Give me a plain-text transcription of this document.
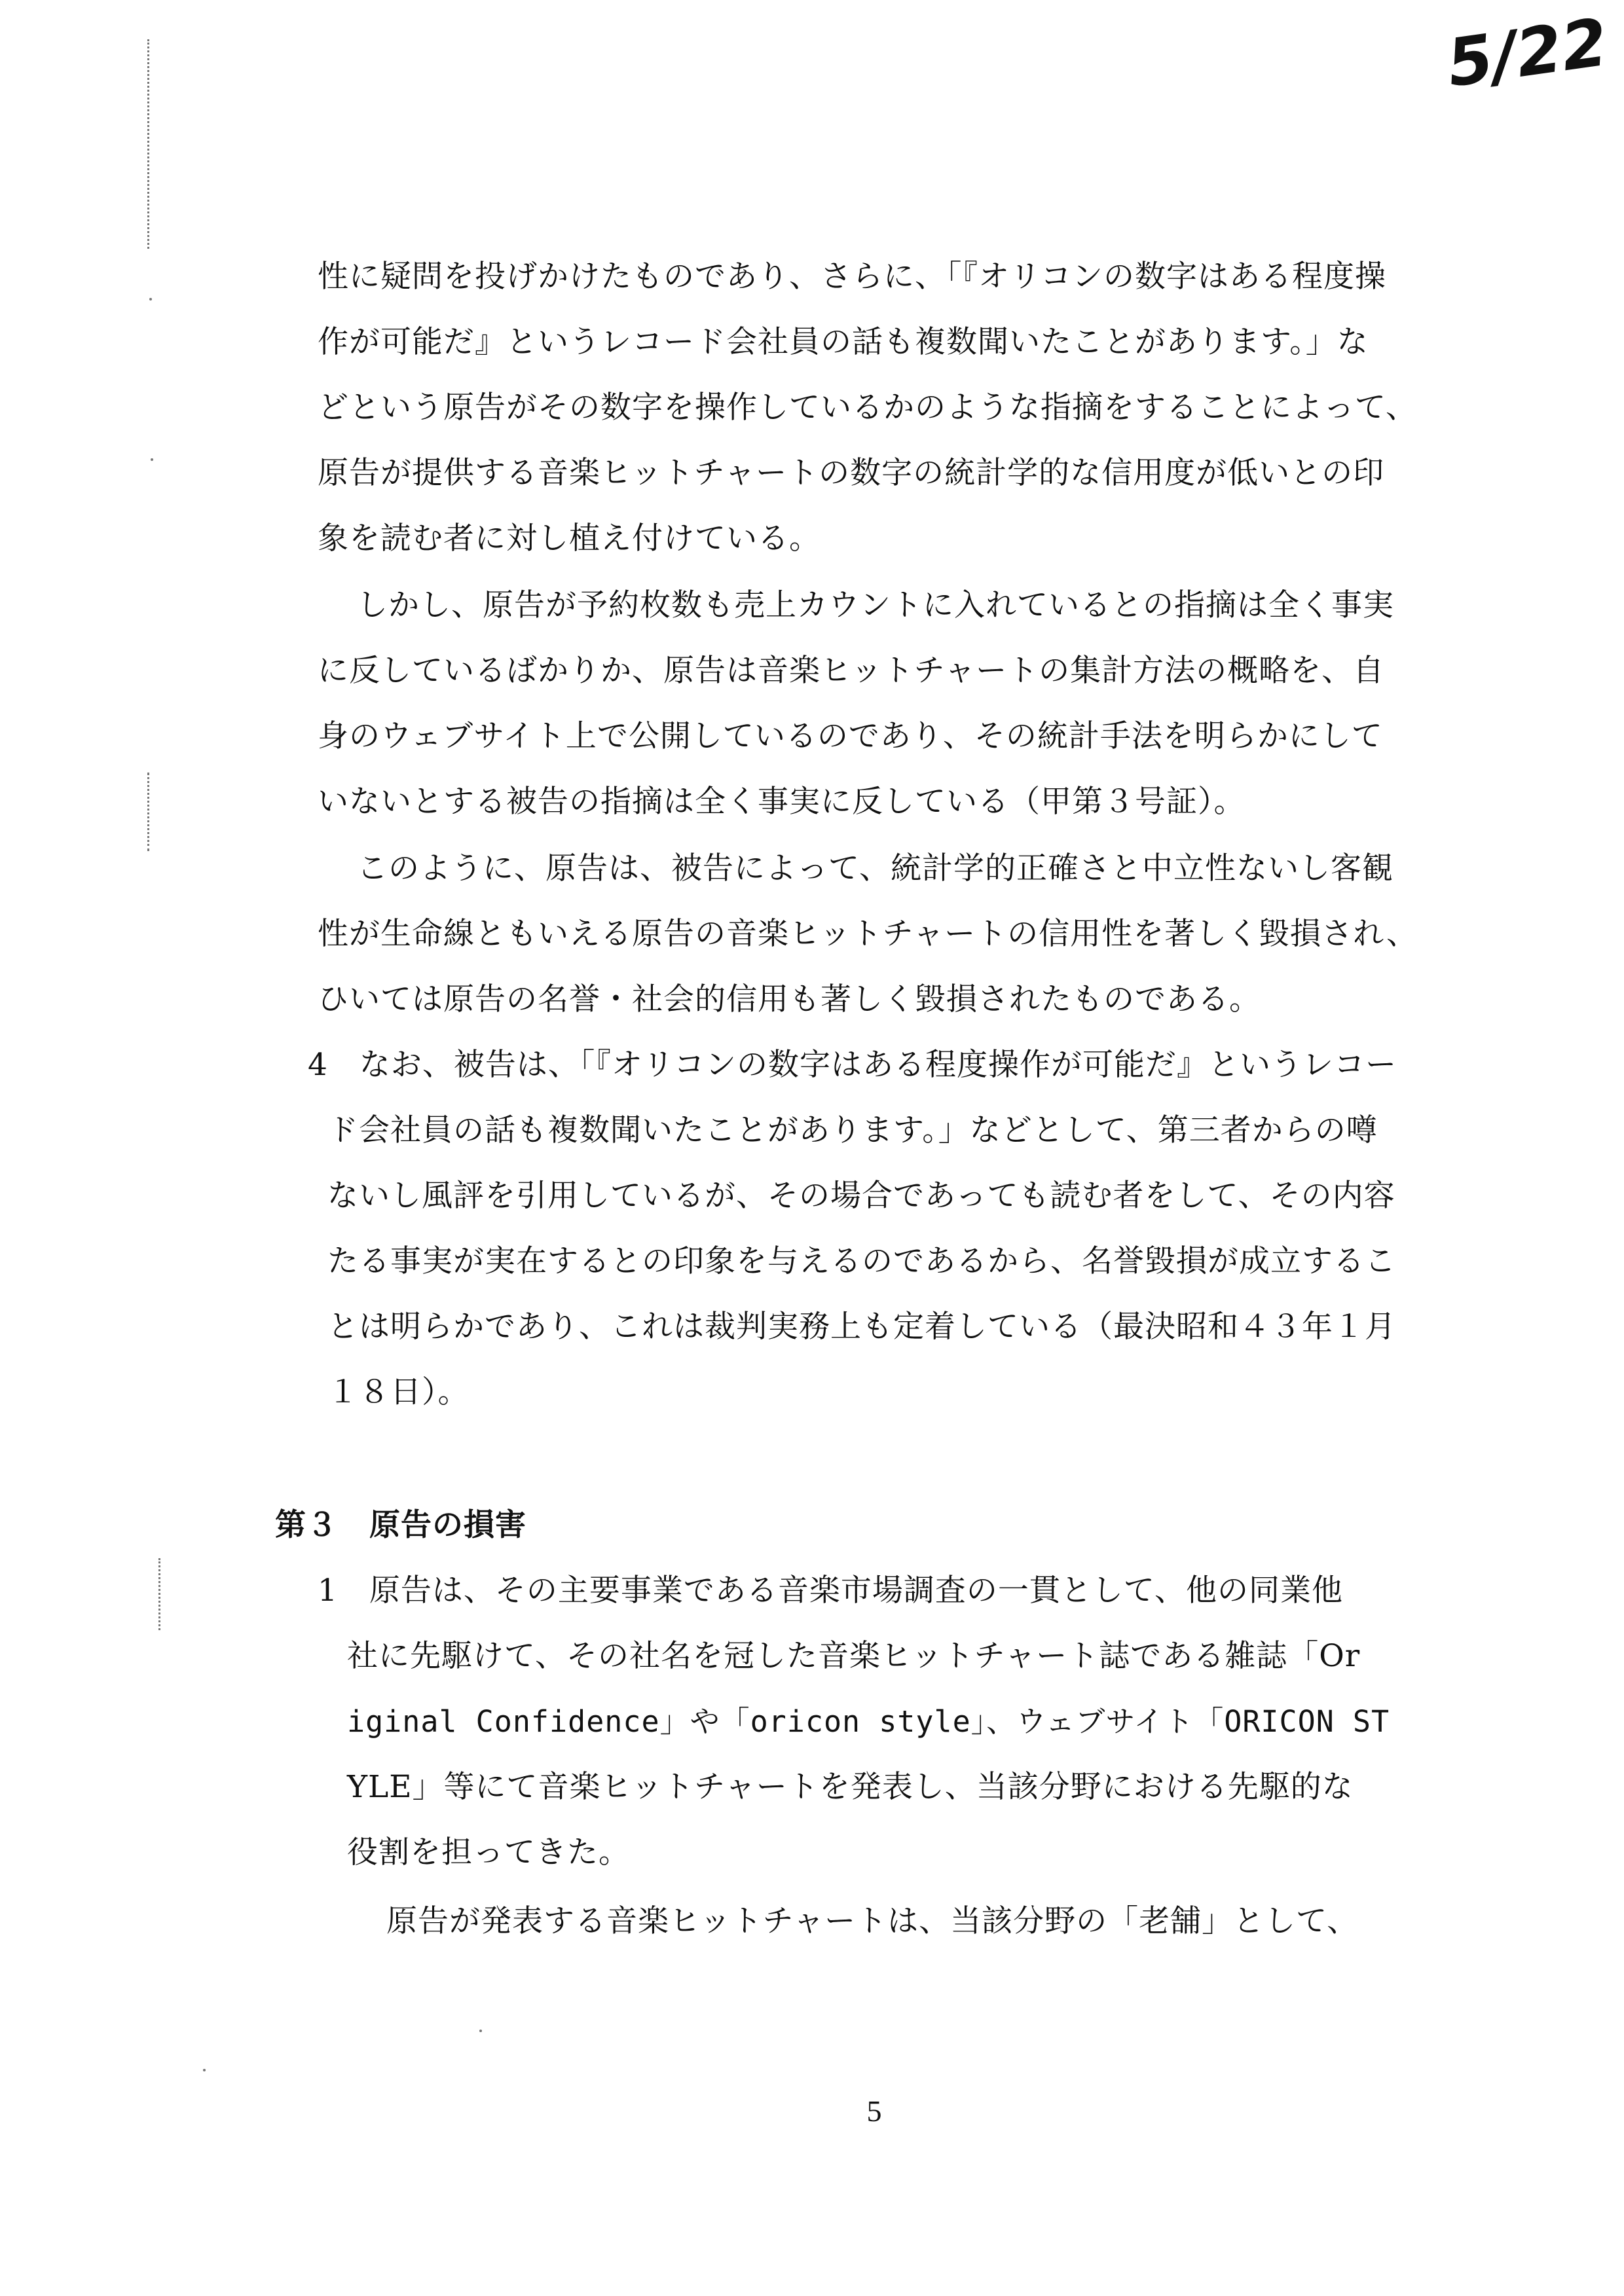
5/22
性に疑問を投げかけたものであり、さらに、「『オリコンの数字はある程度操
作が可能だ』というレコード会社員の話も複数聞いたことがあります。」な
どという原告がその数字を操作しているかのような指摘をすることによって、
原告が提供する音楽ヒットチャートの数字の統計学的な信用度が低いとの印
象を読む者に対し植え付けている。
しかし、原告が予約枚数も売上カウントに入れているとの指摘は全く事実
に反しているばかりか、原告は音楽ヒットチャートの集計方法の概略を、自
身のウェブサイト上で公開しているのであり、その統計手法を明らかにして
いないとする被告の指摘は全く事実に反している（甲第３号証）。
このように、原告は、被告によって、統計学的正確さと中立性ないし客観
性が生命線ともいえる原告の音楽ヒットチャートの信用性を著しく毀損され、
ひいては原告の名誉・社会的信用も著しく毀損されたものである。
4　なお、被告は、「『オリコンの数字はある程度操作が可能だ』というレコー
ド会社員の話も複数聞いたことがあります。」などとして、第三者からの噂
ないし風評を引用しているが、その場合であっても読む者をして、その内容
たる事実が実在するとの印象を与えるのであるから、名誉毀損が成立するこ
とは明らかであり、これは裁判実務上も定着している（最決昭和４３年１月
１８日）。
第３　原告の損害
1　原告は、その主要事業である音楽市場調査の一貫として、他の同業他
社に先駆けて、その社名を冠した音楽ヒットチャート誌である雑誌「Or
iginal Confidence」や「oricon style」、ウェブサイト「ORICON ST
YLE」等にて音楽ヒットチャートを発表し、当該分野における先駆的な
役割を担ってきた。
原告が発表する音楽ヒットチャートは、当該分野の「老舗」として、
5
